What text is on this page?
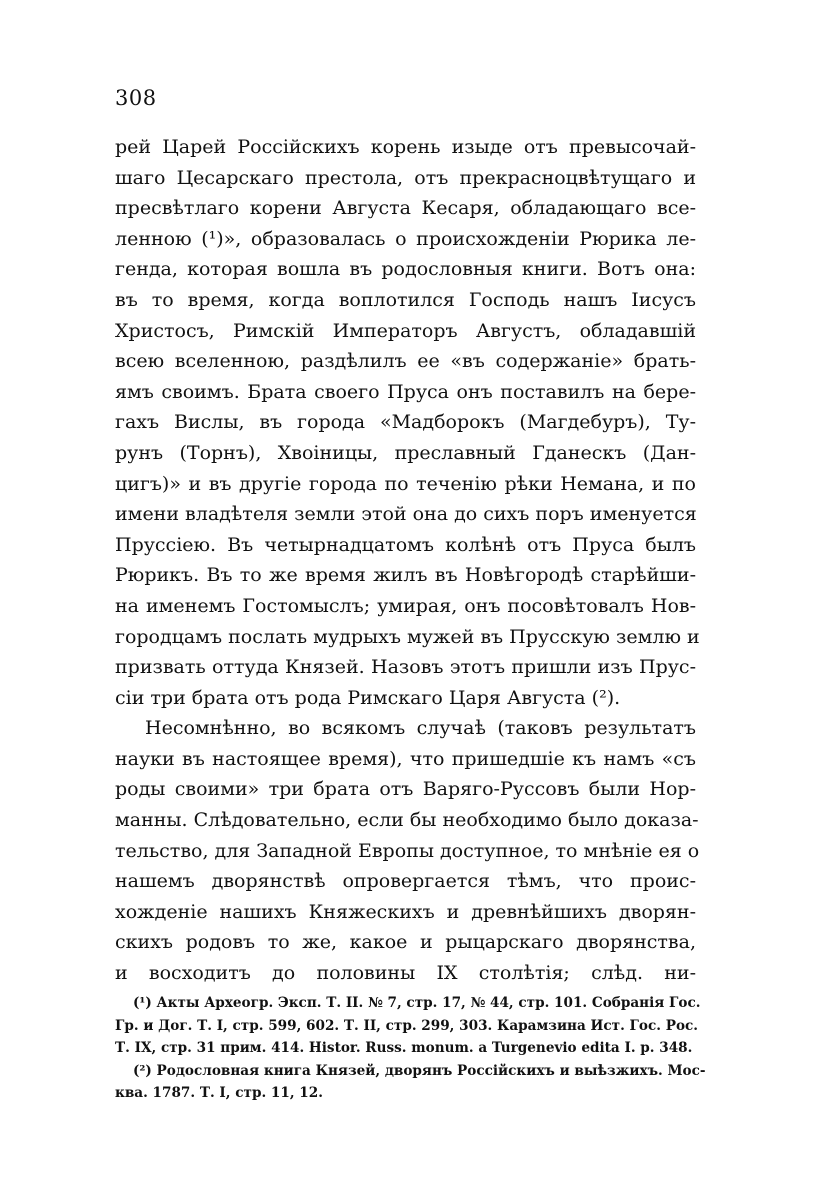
308
рей Царей Россійскихъ корень изыде отъ превысочай-
шаго Цесарскаго престола, отъ прекрасноцвѣтущаго и
пресвѣтлаго корени Августа Кесаря, обладающаго все-
ленною (¹)», образовалась о происхожденіи Рюрика ле-
генда, которая вошла въ родословныя книги. Вотъ она:
въ то время, когда воплотился Господь нашъ Іисусъ
Христосъ, Римскій Императоръ Августъ, обладавшій
всею вселенною, раздѣлилъ ее «въ содержаніе» брать-
ямъ своимъ. Брата своего Пруса онъ поставилъ на бере-
гахъ Вислы, въ города «Мадборокъ (Магдебуръ), Ту-
рунъ (Торнъ), Хвоiницы, преславный Гданескъ (Дан-
цигъ)» и въ другіе города по теченію рѣки Немана, и по
имени владѣтеля земли этой она до сихъ поръ именуется
Пруссіею. Въ четырнадцатомъ колѣнѣ отъ Пруса былъ
Рюрикъ. Въ то же время жилъ въ Новѣгородѣ старѣйши-
на именемъ Гостомыслъ; умирая, онъ посовѣтовалъ Нов-
городцамъ послать мудрыхъ мужей въ Прусскую землю и
призвать оттуда Князей. Назовъ этотъ пришли изъ Прус-
сіи три брата отъ рода Римскаго Царя Августа (²).
Несомнѣнно, во всякомъ случаѣ (таковъ результатъ
науки въ настоящее время), что пришедшіе къ намъ «съ
роды своими» три брата отъ Варяго-Руссовъ были Нор-
манны. Слѣдовательно, если бы необходимо было доказа-
тельство, для Западной Европы доступное, то мнѣніе ея о
нашемъ дворянствѣ опровергается тѣмъ, что проис-
хожденіе нашихъ Княжескихъ и древнѣйшихъ дворян-
скихъ родовъ то же, какое и рыцарскаго дворянства,
и восходитъ до половины IX столѣтія; слѣд. ни-
(¹) Акты Археогр. Эксп. Т. II. № 7, стр. 17, № 44, стр. 101. Собранія Гос.
Гр. и Дог. Т. I, стр. 599, 602. Т. II, стр. 299, 303. Карамзина Ист. Гос. Рос.
Т. IX, стр. 31 прим. 414. Histor. Russ. monum. a Turgenevio edita I. p. 348.
(²) Родословная книга Князей, дворянъ Россійскихъ и выѣзжихъ. Мос-
ква. 1787. Т. I, стр. 11, 12.
